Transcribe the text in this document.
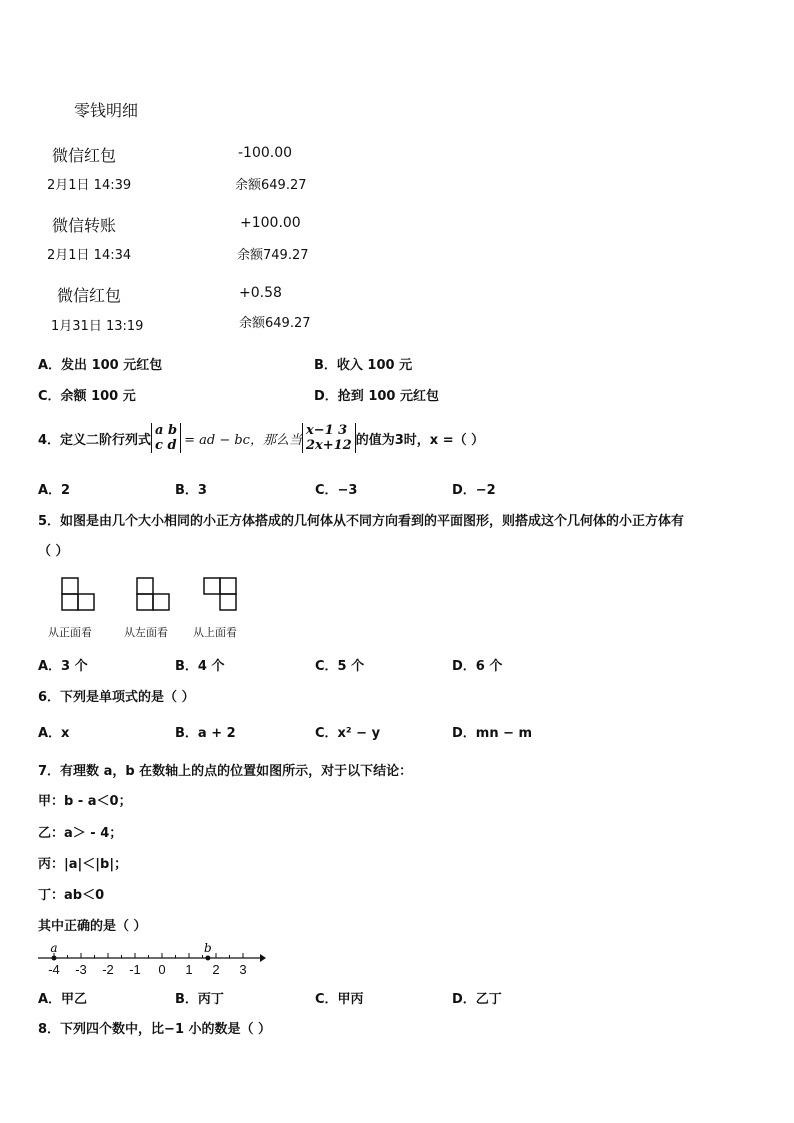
零钱明细
微信红包	-100.00
2月1日 14:39	余额649.27
微信转账	+100.00
2月1日 14:34	余额749.27
微信红包	+0.58
1月31日 13:19	余额649.27
A．发出 100 元红包	B．收入 100 元
C．余额 100 元	D．抢到 100 元红包
4．定义二阶行列式
a b
c d = ad − bc，那么当
x−1 3
2x+12 的值为3时，x =（ ）
A．2	B．3	C．−3	D．−2
5．如图是由几个大小相同的小正方体搭成的几何体从不同方向看到的平面图形，则搭成这个几何体的小正方体有
（ ）
从正面看	从左面看 从上面看
A．3 个	B．4 个	C．5 个	D．6 个
6．下列是单项式的是（ ）
A．x	B．a + 2	C．x² − y	D．mn − m
7．有理数 a，b 在数轴上的点的位置如图所示，对于以下结论：
甲：b - a＜0；
乙：a＞ - 4；
丙：|a|＜|b|；
丁：ab＜0
其中正确的是（ ）
-4 -3 -2 -1 0 1 2 3
a	b
A．甲乙	B．丙丁	C．甲丙	D．乙丁
8．下列四个数中，比−1 小的数是（ ）
